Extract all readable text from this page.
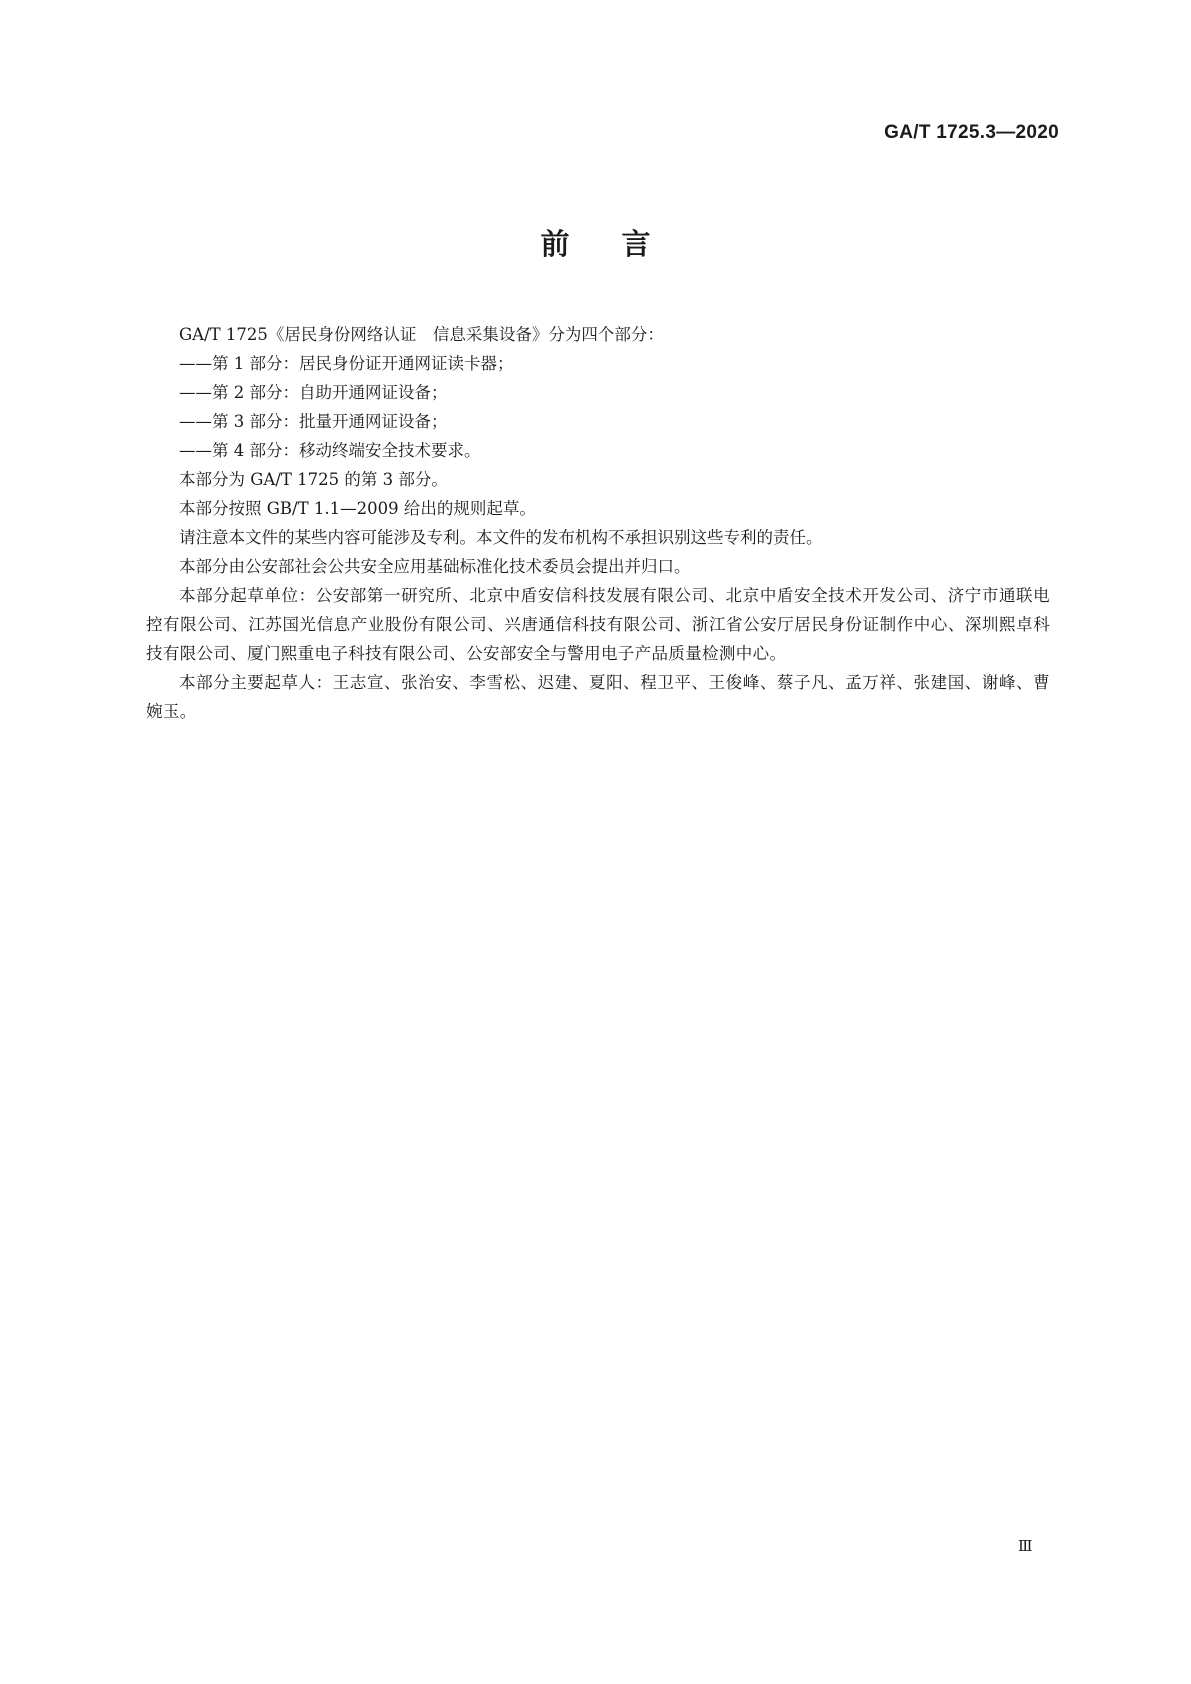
GA/T 1725.3—2020
前言

GA/T 1725《居民身份网络认证　信息采集设备》分为四个部分：

——第 1 部分：居民身份证开通网证读卡器；

——第 2 部分：自助开通网证设备；

——第 3 部分：批量开通网证设备；

——第 4 部分：移动终端安全技术要求。

本部分为 GA/T 1725 的第 3 部分。

本部分按照 GB/T 1.1—2009 给出的规则起草。

请注意本文件的某些内容可能涉及专利。本文件的发布机构不承担识别这些专利的责任。

本部分由公安部社会公共安全应用基础标准化技术委员会提出并归口。

本部分起草单位：公安部第一研究所、北京中盾安信科技发展有限公司、北京中盾安全技术开发公司、济宁市通联电控有限公司、江苏国光信息产业股份有限公司、兴唐通信科技有限公司、浙江省公安厅居民身份证制作中心、深圳熙卓科技有限公司、厦门熙重电子科技有限公司、公安部安全与警用电子产品质量检测中心。

本部分主要起草人：王志宣、张治安、李雪松、迟建、夏阳、程卫平、王俊峰、蔡子凡、孟万祥、张建国、谢峰、曹婉玉。

Ⅲ
